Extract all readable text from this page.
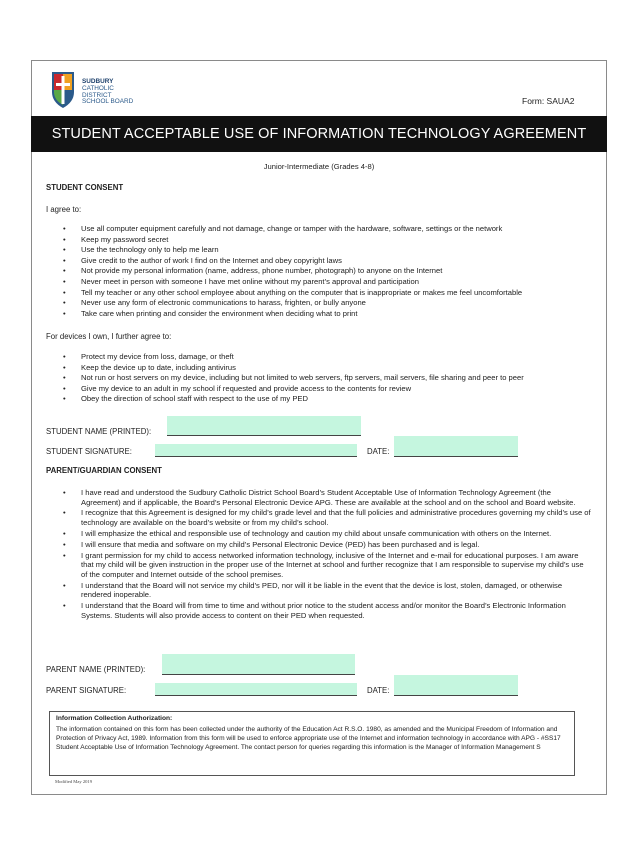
SUDBURY
CATHOLIC
DISTRICT
SCHOOL BOARD	Form: SAUA2
STUDENT ACCEPTABLE USE OF INFORMATION TECHNOLOGY AGREEMENT
Junior-Intermediate (Grades 4-8)
STUDENT CONSENT
I agree to:
• Use all computer equipment carefully and not damage, change or tamper with the hardware, software, settings or the network
• Keep my password secret
• Use the technology only to help me learn
• Give credit to the author of work I find on the Internet and obey copyright laws
• Not provide my personal information (name, address, phone number, photograph) to anyone on the Internet
• Never meet in person with someone I have met online without my parent’s approval and participation
• Tell my teacher or any other school employee about anything on the computer that is inappropriate or makes me feel uncomfortable
• Never use any form of electronic communications to harass, frighten, or bully anyone
• Take care when printing and consider the environment when deciding what to print
For devices I own, I further agree to:
• Protect my device from loss, damage, or theft
• Keep the device up to date, including antivirus
• Not run or host servers on my device, including but not limited to web servers, ftp servers, mail servers, file sharing and peer to peer
• Give my device to an adult in my school if requested and provide access to the contents for review
• Obey the direction of school staff with respect to the use of my PED
STUDENT NAME (PRINTED):
STUDENT SIGNATURE:	DATE:
PARENT/GUARDIAN CONSENT
• I have read and understood the Sudbury Catholic District School Board’s Student Acceptable Use of Information Technology Agreement (the Agreement) and if applicable, the Board’s Personal Electronic Device APG. These are available at the school and on the school and Board website.
• I recognize that this Agreement is designed for my child’s grade level and that the full policies and administrative procedures governing my child’s use of technology are available on the board’s website or from my child’s school.
• I will emphasize the ethical and responsible use of technology and caution my child about unsafe communication with others on the Internet.
• I will ensure that media and software on my child’s Personal Electronic Device (PED) has been purchased and is legal.
• I grant permission for my child to access networked information technology, inclusive of the Internet and e-mail for educational purposes. I am aware that my child will be given instruction in the proper use of the Internet at school and further recognize that I am responsible to supervise my child’s use of the computer and Internet outside of the school premises.
• I understand that the Board will not service my child’s PED, nor will it be liable in the event that the device is lost, stolen, damaged, or otherwise rendered inoperable.
• I understand that the Board will from time to time and without prior notice to the student access and/or monitor the Board’s Electronic Information Systems. Students will also provide access to content on their PED when requested.
PARENT NAME (PRINTED):
PARENT SIGNATURE:	DATE:
Information Collection Authorization:
The information contained on this form has been collected under the authority of the Education Act R.S.O. 1980, as amended and the Municipal Freedom of Information and Protection of Privacy Act, 1989. Information from this form will be used to enforce appropriate use of the Internet and information technology in accordance with APG - #SS17 Student Acceptable Use of Information Technology Agreement. The contact person for queries regarding this information is the Manager of Information Management S
Modified May 2019
